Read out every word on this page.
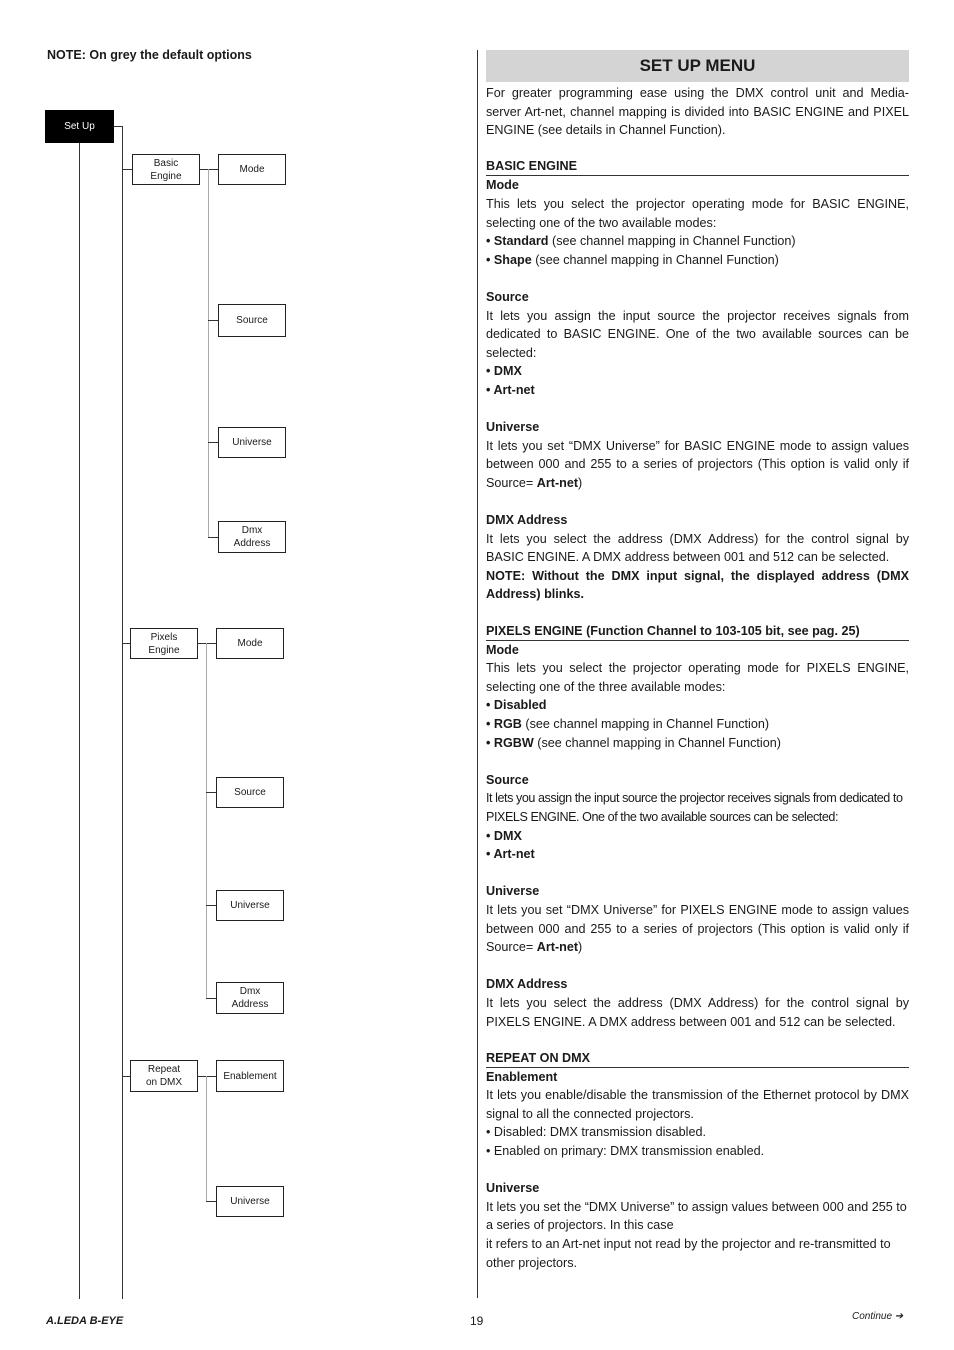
NOTE: On grey the default options
Set Up
Basic
Engine
Mode
Source
Universe
Dmx
Address
Pixels
Engine
Mode
Source
Universe
Dmx
Address
Repeat
on DMX
Enablement
Universe
SET UP MENU

For greater programming ease using the DMX control unit and Media-server Art-net, channel mapping is divided into BASIC ENGINE and PIXEL ENGINE (see details in Channel Function).

BASIC ENGINE
Mode

This lets you select the projector operating mode for BASIC ENGINE, selecting one of the two available modes:

• Standard (see channel mapping in Channel Function)

• Shape (see channel mapping in Channel Function)

Source

It lets you assign the input source the projector receives signals from dedicated to BASIC ENGINE. One of the two available sources can be selected:

• DMX

• Art-net

Universe

It lets you set “DMX Universe” for BASIC ENGINE mode to assign values between 000 and 255 to a series of projectors (This option is valid only if Source= Art-net)

DMX Address

It lets you select the address (DMX Address) for the control signal by BASIC ENGINE. A DMX address between 001 and 512 can be selected.

NOTE: Without the DMX input signal, the displayed address (DMX Address) blinks.

PIXELS ENGINE (Function Channel to 103-105 bit, see pag. 25)
Mode

This lets you select the projector operating mode for PIXELS ENGINE, selecting one of the three available modes:

• Disabled

• RGB (see channel mapping in Channel Function)

• RGBW (see channel mapping in Channel Function)

Source

It lets you assign the input source the projector receives signals from dedicated to PIXELS ENGINE. One of the two available sources can be selected:

• DMX

• Art-net

Universe

It lets you set “DMX Universe” for PIXELS ENGINE mode to assign values between 000 and 255 to a series of projectors (This option is valid only if Source= Art-net)

DMX Address

It lets you select the address (DMX Address) for the control signal by PIXELS ENGINE. A DMX address between 001 and 512 can be selected.

REPEAT ON DMX
Enablement

It lets you enable/disable the transmission of the Ethernet protocol by DMX signal to all the connected projectors.

• Disabled: DMX transmission disabled.

• Enabled on primary: DMX transmission enabled.

Universe

It lets you set the “DMX Universe” to assign values between 000 and 255 to a series of projectors. In this case

it refers to an Art-net input not read by the projector and re-transmitted to other projectors.

A.LEDA B-EYE	19	Continue ➔
